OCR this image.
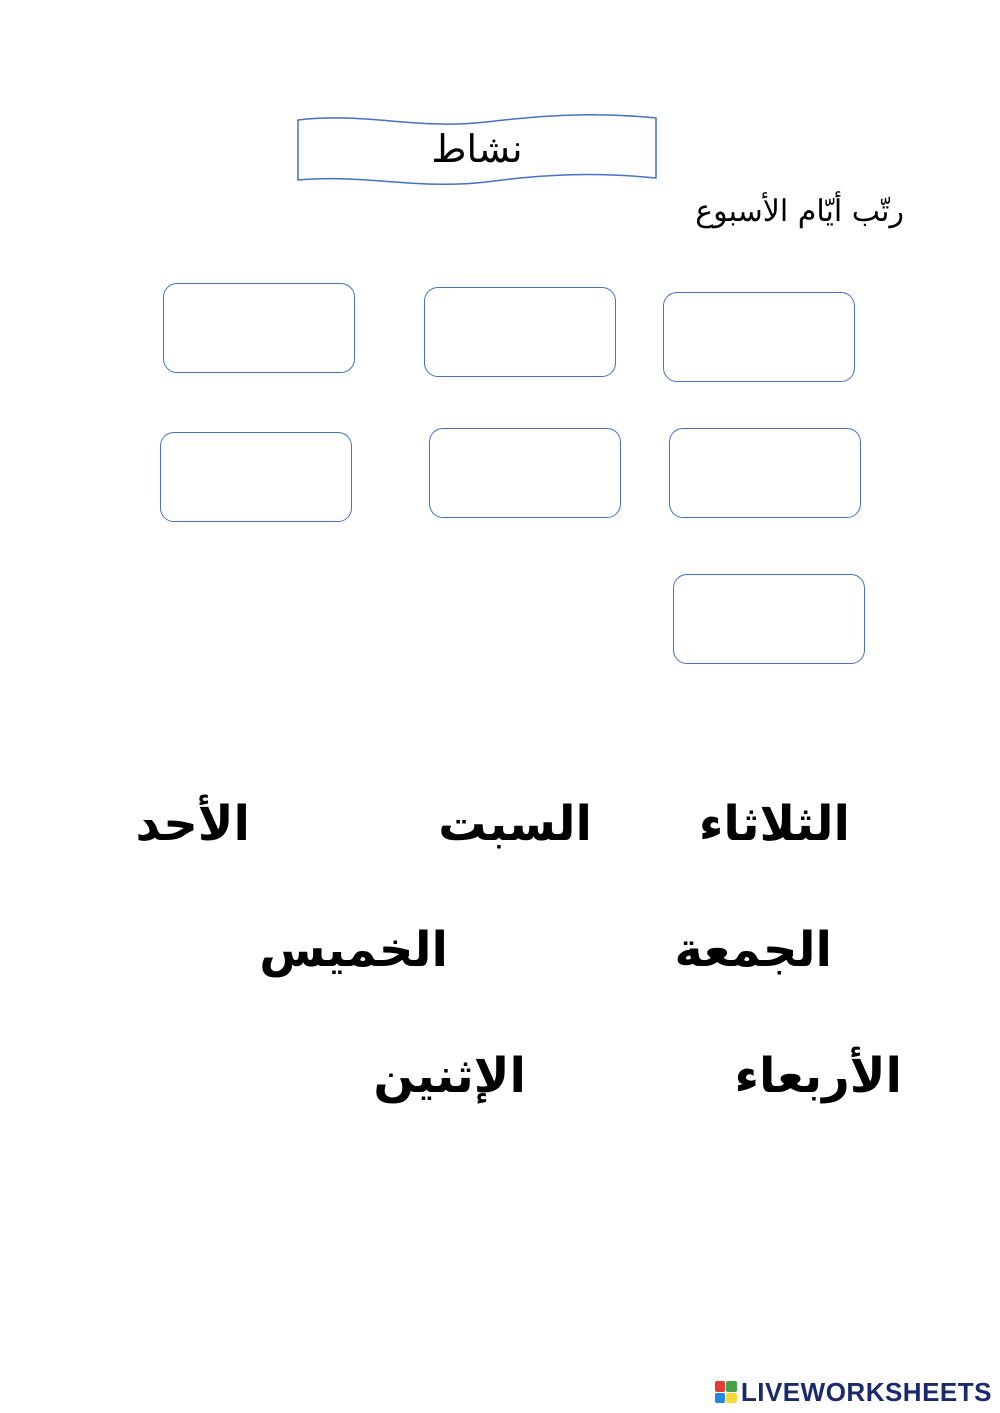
نشاط
رتّب أيّام الأسبوع
الثلاثاء
السبت
الأحد
الجمعة
الخميس
الأربعاء
الإثنين
LIVEWORKSHEETS
